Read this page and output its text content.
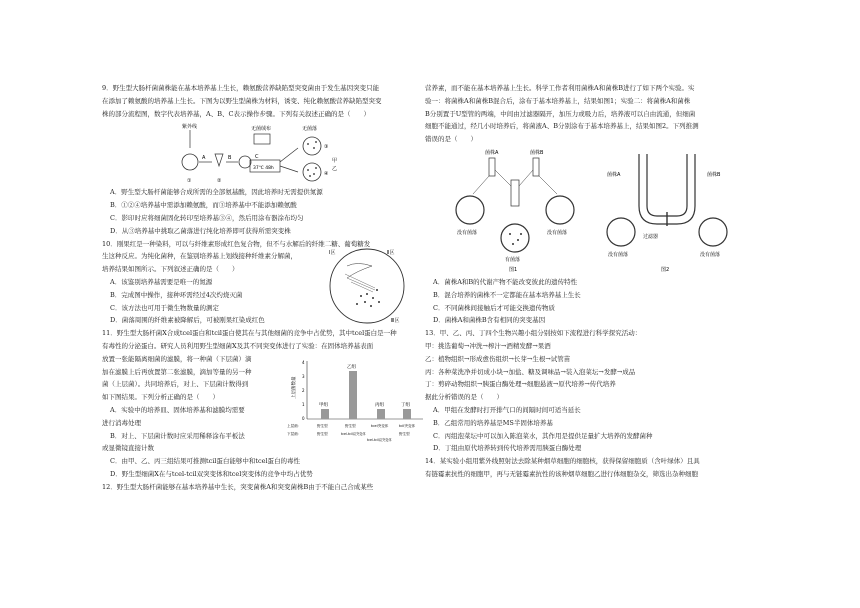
9．野生型大肠杆菌菌株能在基本培养基上生长，赖氨酸营养缺陷型突变菌由于发生基因突变只能
在添加了赖氨酸的培养基上生长。下图为以野生型菌株为材料，诱变、纯化赖氨酸营养缺陷型突变
株的部分流程图，数字代表培养基，A、B、C表示操作步骤。下列有关叙述正确的是（　　）
紫外线
①
A
②
B
无菌绒布
C
37℃ 48h
无菌落
③
④
甲
乙
A．野生型大肠杆菌能够合成所需的全部氨基酸，因此培养时无需提供氮源
B．①②④培养基中需添加赖氨酸，而③培养基中不能添加赖氨酸
C．影印时应将细菌固化转印至培养基③④，然后用涂布器涂布均匀
D．从③培养基中挑取乙菌落进行纯化培养即可获得所需突变株
10．刚果红是一种染料，可以与纤维素形成红色复合物，但不与水解后的纤维二糖、葡萄糖发
生这种反应。为纯化菌种，在鉴别培养基上划线接种纤维素分解菌，
培养结果如图所示。下列叙述正确的是（　　）
A．该鉴别培养基需要是唯一的氮源
B．完成图中操作，接种环需经过4次灼烧灭菌
C．该方法也可用于微生物数量的测定
D．菌落周围的纤维素被降解后，可被刚果红染成红色
Ⅰ区	Ⅱ区
Ⅲ区
11．野生型大肠杆菌X合成tcel蛋白和tcil蛋白使其在与其他细菌的竞争中占优势，其中tcel蛋白是一种
有毒性的分泌蛋白。研究人员利用野生型细菌X及其不同突变体进行了实验：在固体培养基表面
放置一张能隔离细菌的滤膜，将一种菌（下层菌）滴
加在滤膜上后再放置第二张滤膜，滴加等量的另一种
菌（上层菌）。共同培养后，对上、下层菌计数得到
如下图结果。下列分析正确的是（　　）
A．实验中的培养皿、固体培养基和滤膜均需要
进行消毒处理
B．对上、下层菌计数时应采用稀释涂布平板法
或显微镜直接计数
C．由甲、乙、丙三组结果可推测tcil蛋白能够中和tcel蛋白的毒性
D．野生型细菌X在与tcel-tcil双突变体和tcel突变体的竞争中均占优势
上层菌数量
0
1
2
3
4
甲组
乙组
丙组	丁组
上层菌：	野生型	野生型	tcel突变体	tcil突变体
下层菌：	野生型	tcel-tcil双突变体
tcel-tcil双突变体
野生型
12．野生型大肠杆菌能够在基本培养基中生长，突变菌株A和突变菌株B由于不能自己合成某些
营养素，而不能在基本培养基上生长。科学工作者利用菌株A和菌株B进行了如下两个实验。实
验一：将菌株A和菌株B混合后，涂布于基本培养基上，结果如图1；实验二：将菌株A和菌株
B分别置于U型管的两端，中间由过滤器隔开，加压力或吸力后，培养液可以自由流通，但细菌
细胞不能通过，经几小时培养后，将菌液A、B分别涂布于基本培养基上，结果如图2。下列推测
错误的是（　　）
菌株A	菌株B
没有菌落	没有菌落
有菌落
图1
菌株A	菌株B
过滤器
没有菌落	没有菌落
图2
A．菌株A和B的代谢产物不能改变彼此的遗传特性
B．混合培养的菌株不一定都能在基本培养基上生长
C．不同菌株间接触后才可能交换遗传物质
D．菌株A和菌株B含有相同的突变基因
13．甲、乙、丙、丁四个生物兴趣小组分别按如下流程进行科学探究活动：
甲：挑选葡萄→冲洗→榨汁→酒精发酵→果酒
乙：植物组织→形成愈伤组织→长芽→生根→试管苗
丙：各种菜洗净并切成小块→加盐、糖及调味品→装入泡菜坛→发酵→成品
丁：剪碎动物组织→胰蛋白酶处理→细胞悬液→原代培养→传代培养
据此分析错误的是（　　）
A．甲组在发酵时打开排气口的间隔时间可适当延长
B．乙组常用的培养基是MS半固体培养基
C．丙组泡菜坛中可以加入陈泡菜水，其作用是提供足量扩大培养的发酵菌种
D．丁组由原代培养转到传代培养需用胰蛋白酶处理
14．某实验小组用紫外线照射法去除某种烟草细胞的细胞核，获得保留细胞质（含叶绿体）且具
有链霉素抗性的细胞甲，再与无链霉素抗性的该种烟草细胞乙进行体细胞杂交，筛选出杂种细胞
